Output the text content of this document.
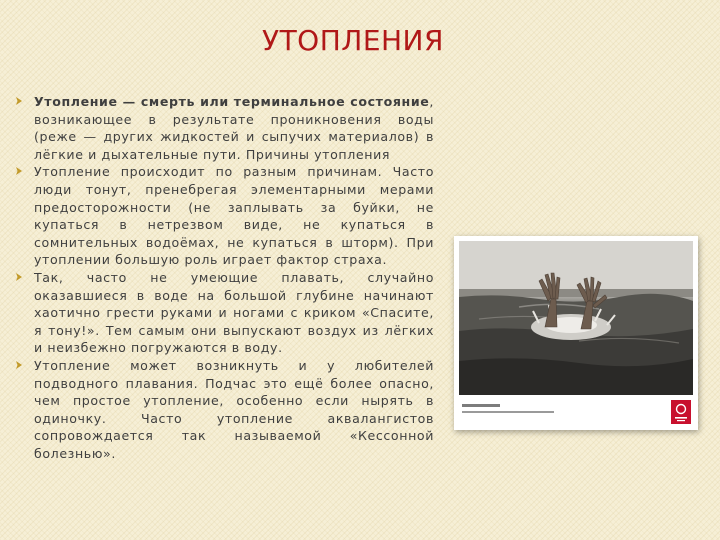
УТОПЛЕНИЯ
Утопление — смерть или терминальное состояние, возникающее в результате проникновения воды (реже — других жидкостей и сыпучих материалов) в лёгкие и дыхательные пути. Причины утопления
Утопление происходит по разным причинам. Часто люди тонут, пренебрегая элементарными мерами предосторожности (не заплывать за буйки, не купаться в нетрезвом виде, не купаться в сомнительных водоёмах, не купаться в шторм). При утоплении большую роль играет фактор страха.
Так, часто не умеющие плавать, случайно оказавшиеся в воде на большой глубине начинают хаотично грести руками и ногами с криком «Спасите, я тону!». Тем самым они выпускают воздух из лёгких и неизбежно погружаются в воду.
Утопление может возникнуть и у любителей подводного плавания. Подчас это ещё более опасно, чем простое утопление, особенно если нырять в одиночку. Часто утопление аквалангистов сопровождается так называемой «Кессонной болезнью».
